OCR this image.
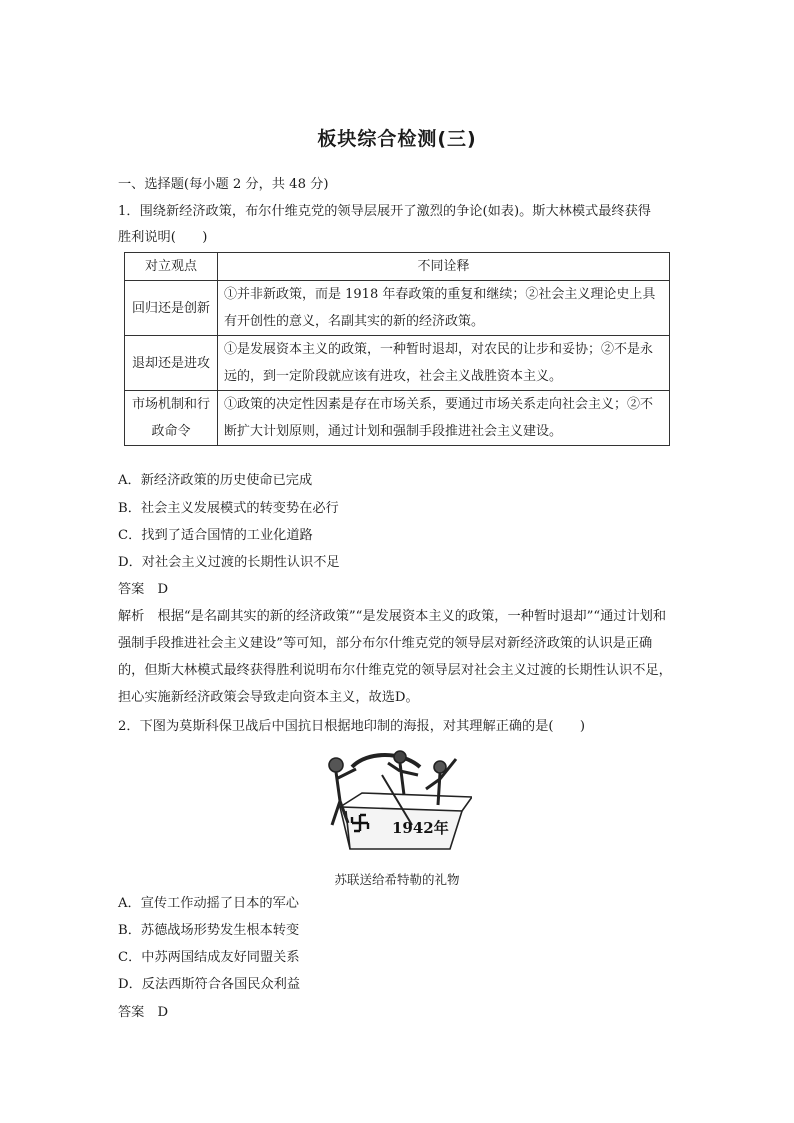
板块综合检测(三)
一、选择题(每小题 2 分，共 48 分)
1．围绕新经济政策，布尔什维克党的领导层展开了激烈的争论(如表)。斯大林模式最终获得
胜利说明(　　)
对立观点	不同诠释
回归还是创新	①并非新政策，而是 1918 年春政策的重复和继续；②社会主义理论史上具有开创性的意义，名副其实的新的经济政策。
退却还是进攻	①是发展资本主义的政策，一种暂时退却，对农民的让步和妥协；②不是永远的，到一定阶段就应该有进攻，社会主义战胜资本主义。
市场机制和行政命令	①政策的决定性因素是存在市场关系，要通过市场关系走向社会主义；②不断扩大计划原则，通过计划和强制手段推进社会主义建设。
A．新经济政策的历史使命已完成
B．社会主义发展模式的转变势在必行
C．找到了适合国情的工业化道路
D．对社会主义过渡的长期性认识不足
答案　D
解析　根据“是名副其实的新的经济政策”“是发展资本主义的政策，一种暂时退却”“通过计划和强制手段推进社会主义建设”等可知，部分布尔什维克党的领导层对新经济政策的认识是正确的，但斯大林模式最终获得胜利说明布尔什维克党的领导层对社会主义过渡的长期性认识不足，担心实施新经济政策会导致走向资本主义，故选D。
2．下图为莫斯科保卫战后中国抗日根据地印制的海报，对其理解正确的是(　　)
1942年
苏联送给希特勒的礼物
A．宣传工作动摇了日本的军心
B．苏德战场形势发生根本转变
C．中苏两国结成友好同盟关系
D．反法西斯符合各国民众利益
答案　D
